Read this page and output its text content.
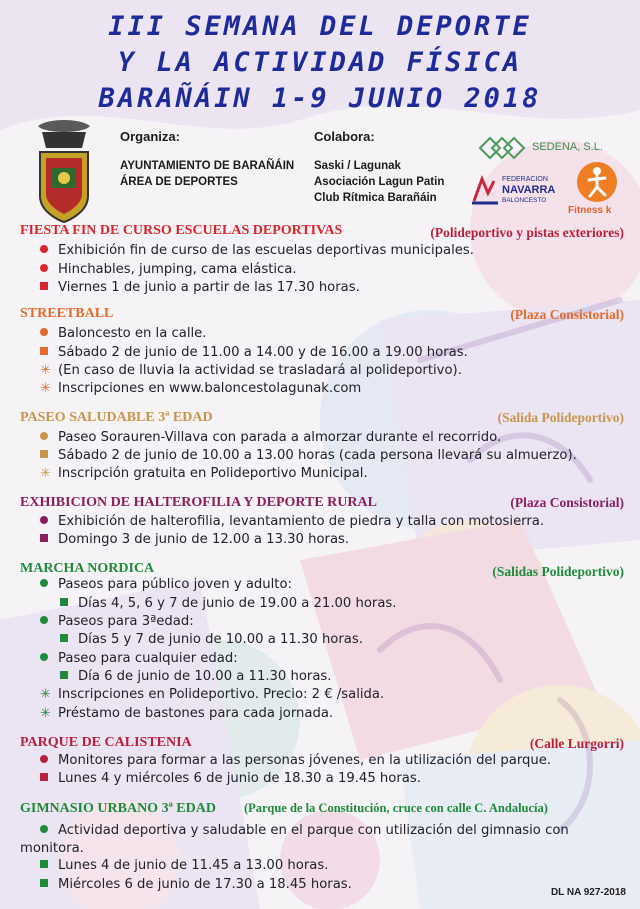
III SEMANA DEL DEPORTE
Y LA ACTIVIDAD FÍSICA
BARAÑÁIN 1-9 JUNIO 2018
Organiza:
AYUNTAMIENTO DE BARAÑÁIN
ÁREA DE DEPORTES
Colabora:
Saski / Lagunak
Asociación Lagun Patin
Club Rítmica Barañáin
SEDENA, S.L.
FEDERACION
NAVARRA
BALONCESTO
Fitness k
FIESTA FIN DE CURSO ESCUELAS DEPORTIVAS	(Polideportivo y pistas exteriores)
Exhibición fin de curso de las escuelas deportivas municipales.
Hinchables, jumping, cama elástica.
Viernes 1 de junio a partir de las 17.30 horas.
STREETBALL	(Plaza Consistorial)
Baloncesto en la calle.
Sábado 2 de junio de 11.00 a 14.00 y de 16.00 a 19.00 horas.
✳ (En caso de lluvia la actividad se trasladará al polideportivo).
✳ Inscripciones en www.baloncestolagunak.com
PASEO SALUDABLE 3ª EDAD	(Salida Polideportivo)
Paseo Sorauren-Villava con parada a almorzar durante el recorrido.
Sábado 2 de junio de 10.00 a 13.00 horas (cada persona llevará su almuerzo).
✳ Inscripción gratuita en Polideportivo Municipal.
EXHIBICION DE HALTEROFILIA Y DEPORTE RURAL	(Plaza Consistorial)
Exhibición de halterofilia, levantamiento de piedra y talla con motosierra.
Domingo 3 de junio de 12.00 a 13.30 horas.
MARCHA NORDICA	(Salidas Polideportivo)
Paseos para público joven y adulto:
Días 4, 5, 6 y 7 de junio de 19.00 a 21.00 horas.
Paseos para 3ªedad:
Días 5 y 7 de junio de 10.00 a 11.30 horas.
Paseo para cualquier edad:
Día 6 de junio de 10.00 a 11.30 horas.
✳ Inscripciones en Polideportivo. Precio: 2 € /salida.
✳ Préstamo de bastones para cada jornada.
PARQUE DE CALISTENIA	(Calle Lurgorri)
Monitores para formar a las personas jóvenes, en la utilización del parque.
Lunes 4 y miércoles 6 de junio de 18.30 a 19.45 horas.
GIMNASIO URBANO 3ª EDAD (Parque de la Constitución, cruce con calle C. Andalucía)
Actividad deportiva y saludable en el parque con utilización del gimnasio con
monitora.
Lunes 4 de junio de 11.45 a 13.00 horas.
Miércoles 6 de junio de 17.30 a 18.45 horas.
DL NA 927-2018
